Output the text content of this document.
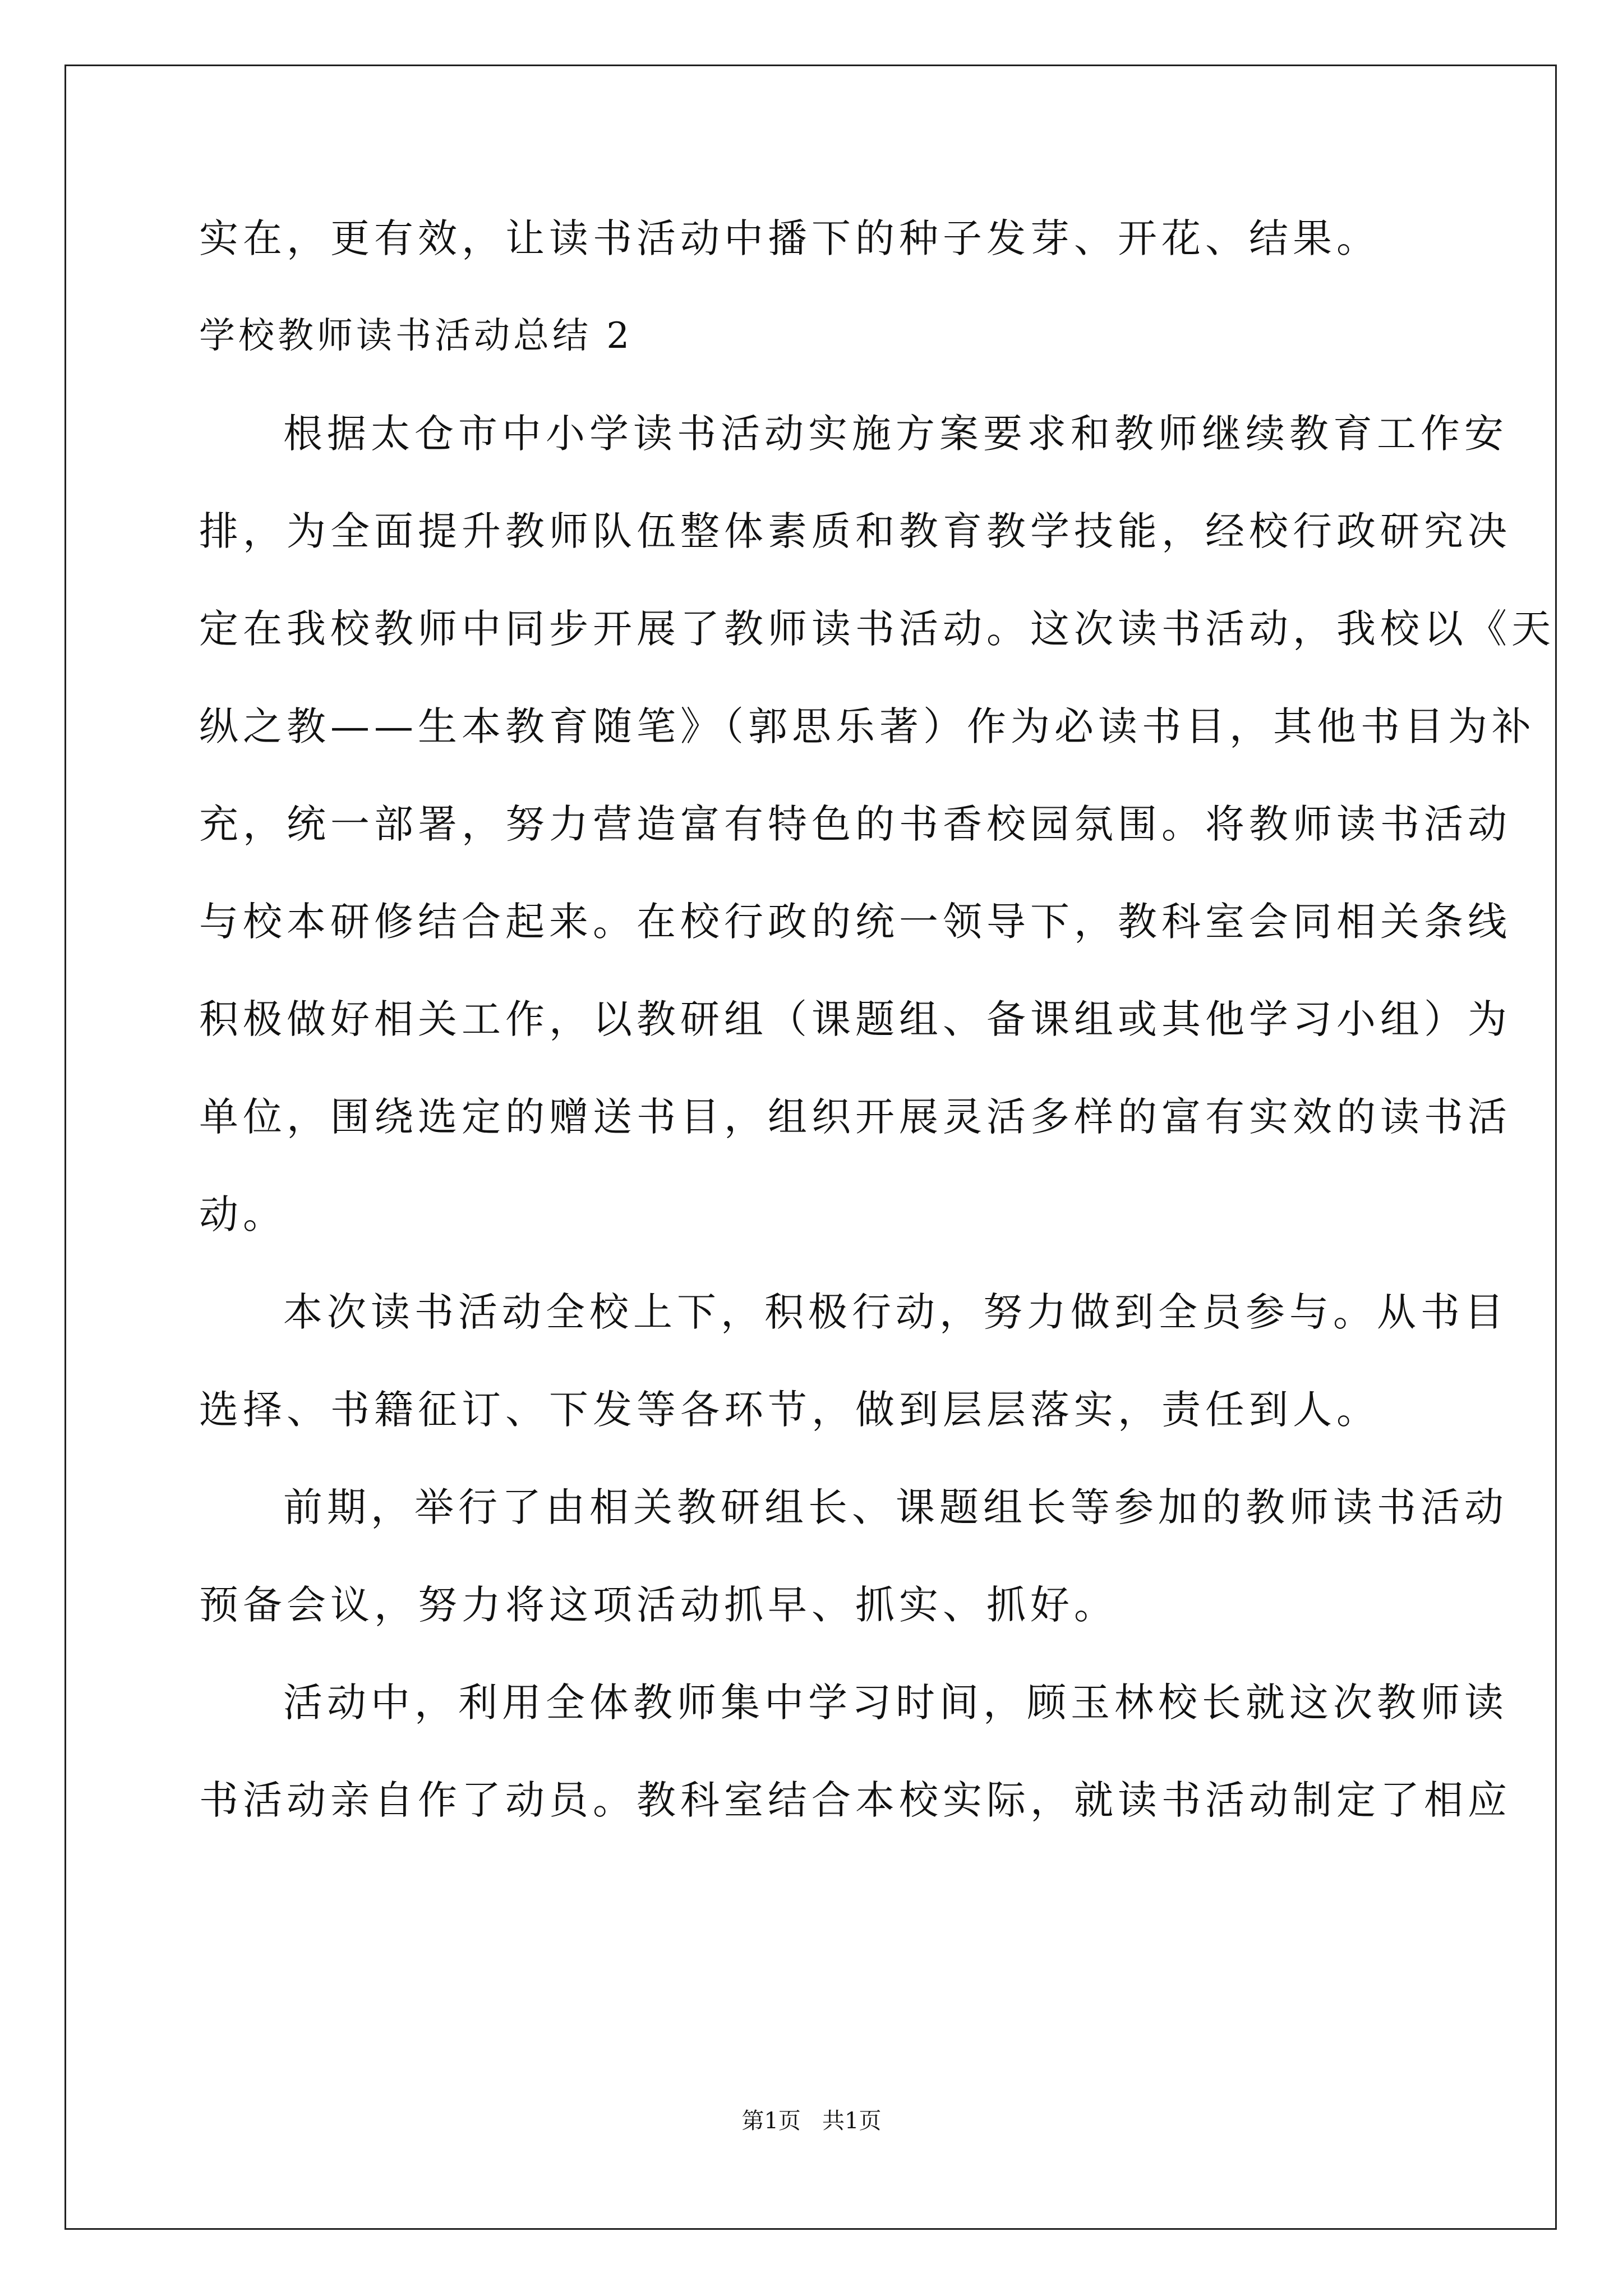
实在，更有效，让读书活动中播下的种子发芽、开花、结果。
学校教师读书活动总结 2
根据太仓市中小学读书活动实施方案要求和教师继续教育工作安
排，为全面提升教师队伍整体素质和教育教学技能，经校行政研究决
定在我校教师中同步开展了教师读书活动。这次读书活动，我校以《天
纵之教——生本教育随笔》（郭思乐著）作为必读书目，其他书目为补
充，统一部署，努力营造富有特色的书香校园氛围。将教师读书活动
与校本研修结合起来。在校行政的统一领导下，教科室会同相关条线
积极做好相关工作，以教研组（课题组、备课组或其他学习小组）为
单位，围绕选定的赠送书目，组织开展灵活多样的富有实效的读书活
动。
本次读书活动全校上下，积极行动，努力做到全员参与。从书目
选择、书籍征订、下发等各环节，做到层层落实，责任到人。
前期，举行了由相关教研组长、课题组长等参加的教师读书活动
预备会议，努力将这项活动抓早、抓实、抓好。
活动中，利用全体教师集中学习时间，顾玉林校长就这次教师读
书活动亲自作了动员。教科室结合本校实际，就读书活动制定了相应
第1页   共1页
